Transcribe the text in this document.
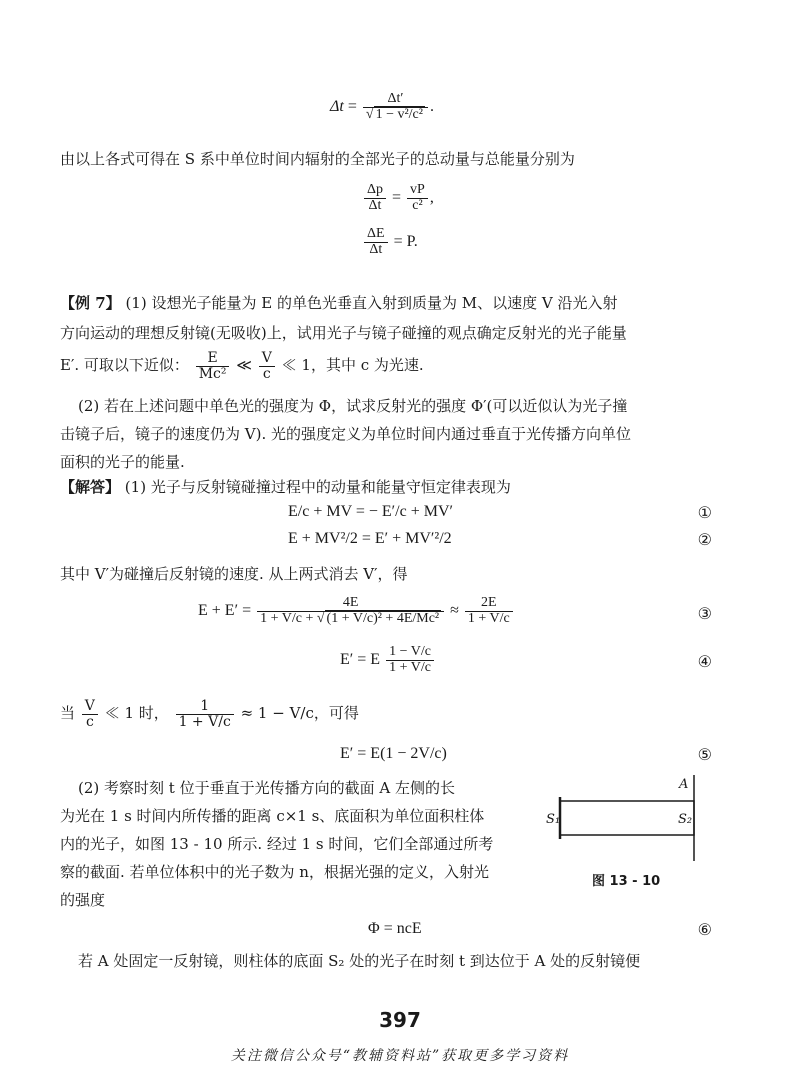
$\Delta t = \frac{\Delta t'}{\text{√ 1 − v²/c²}}$ .
由以上各式可得在 S 系中单位时间内辐射的全部光子的总动量与总能量分别为
$\frac{\Delta p}{\Delta t} = \frac{vP}{\text{c²}}$ ,
$\frac{\Delta E}{\Delta t} = P$.
【例 7】 (1) 设想光子能量为 E 的单色光垂直入射到质量为 M、以速度 V 沿光入射
方向运动的理想反射镜(无吸收)上，试用光子与镜子碰撞的观点确定反射光的光子能量
E′. 可取以下近似： $\frac{E}{\text{Mc²}}$ ≪ $\frac{V}{c}$ ≪ 1，其中 c 为光速.
(2) 若在上述问题中单色光的强度为 Φ，试求反射光的强度 Φ′(可以近似认为光子撞
击镜子后，镜子的速度仍为 V). 光的强度定义为单位时间内通过垂直于光传播方向单位
面积的光子的能量.
【解答】 (1) 光子与反射镜碰撞过程中的动量和能量守恒定律表现为
E/c + MV = − E′/c + MV′	①
E + MV²/2 = E′ + MV′²/2	②
其中 V′为碰撞后反射镜的速度. 从上两式消去 V′，得
$E + E' = \frac{4E}{\text{1 + V/c + √ (1 + V/c)² + 4E/Mc²}} \approx \frac{2E}{1 + V/c}$	③
E′ = E $\frac{1 - V/c}{1 + V/c}$	④
当 $\frac{V}{c}$ ≪ 1 时， $\frac{1}{1 + V/c} \approx 1 - V/c$，可得
E′ = E(1 − 2V/c)	⑤
(2) 考察时刻 t 位于垂直于光传播方向的截面 A 左侧的长
为光在 1 s 时间内所传播的距离 c×1 s、底面积为单位面积柱体
内的光子，如图 13 - 10 所示. 经过 1 s 时间，它们全部通过所考
察的截面. 若单位体积中的光子数为 n，根据光强的定义，入射光
的强度
A
S₁	S₂
图 13 - 10
Φ = ncE	⑥
若 A 处固定一反射镜，则柱体的底面 S₂ 处的光子在时刻 t 到达位于 A 处的反射镜便
397
关注微信公众号“教辅资料站”获取更多学习资料
